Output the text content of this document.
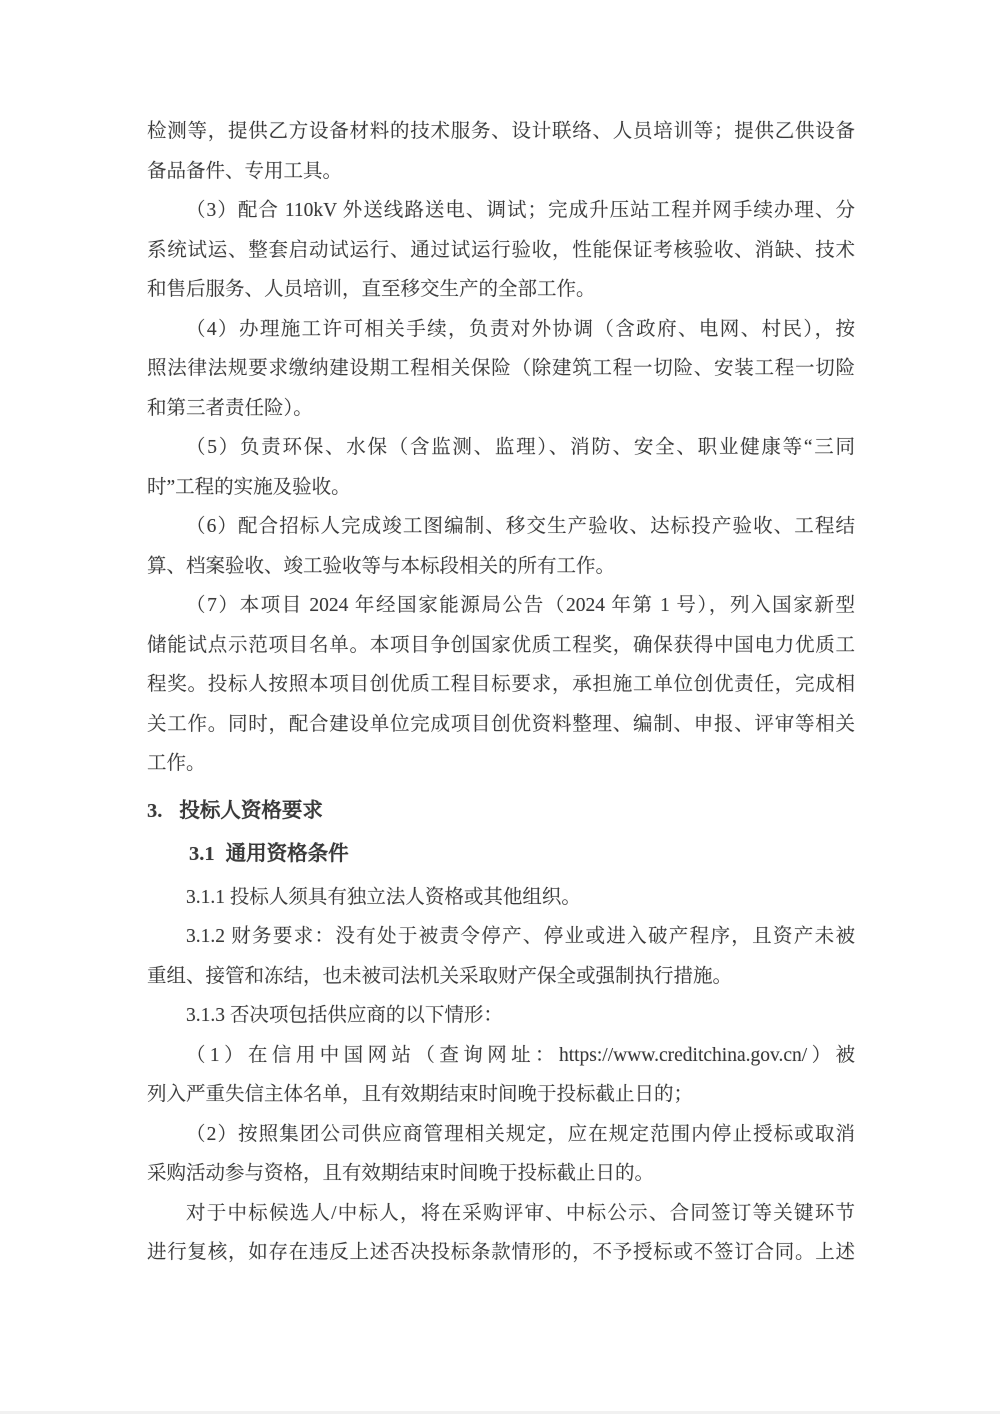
检测等，提供乙方设备材料的技术服务、设计联络、人员培训等；提供乙供设备
备品备件、专用工具。
（3）配合 110kV 外送线路送电、调试；完成升压站工程并网手续办理、分
系统试运、整套启动试运行、通过试运行验收，性能保证考核验收、消缺、技术
和售后服务、人员培训，直至移交生产的全部工作。
（4）办理施工许可相关手续，负责对外协调（含政府、电网、村民），按
照法律法规要求缴纳建设期工程相关保险（除建筑工程一切险、安装工程一切险
和第三者责任险）。
（5）负责环保、水保（含监测、监理）、消防、安全、职业健康等“三同
时”工程的实施及验收。
（6）配合招标人完成竣工图编制、移交生产验收、达标投产验收、工程结
算、档案验收、竣工验收等与本标段相关的所有工作。
（7）本项目 2024 年经国家能源局公告（2024 年第 1 号），列入国家新型
储能试点示范项目名单。本项目争创国家优质工程奖，确保获得中国电力优质工
程奖。投标人按照本项目创优质工程目标要求，承担施工单位创优责任，完成相
关工作。同时，配合建设单位完成项目创优资料整理、编制、申报、评审等相关
工作。
3. 投标人资格要求
3.1 通用资格条件
3.1.1 投标人须具有独立法人资格或其他组织。
3.1.2 财务要求：没有处于被责令停产、停业或进入破产程序，且资产未被
重组、接管和冻结，也未被司法机关采取财产保全或强制执行措施。
3.1.3 否决项包括供应商的以下情形：
（1）在信用中国网站（查询网址：https://www.creditchina.gov.cn/）被
列入严重失信主体名单，且有效期结束时间晚于投标截止日的；
（2）按照集团公司供应商管理相关规定，应在规定范围内停止授标或取消
采购活动参与资格，且有效期结束时间晚于投标截止日的。
对于中标候选人/中标人，将在采购评审、中标公示、合同签订等关键环节
进行复核，如存在违反上述否决投标条款情形的，不予授标或不签订合同。上述
